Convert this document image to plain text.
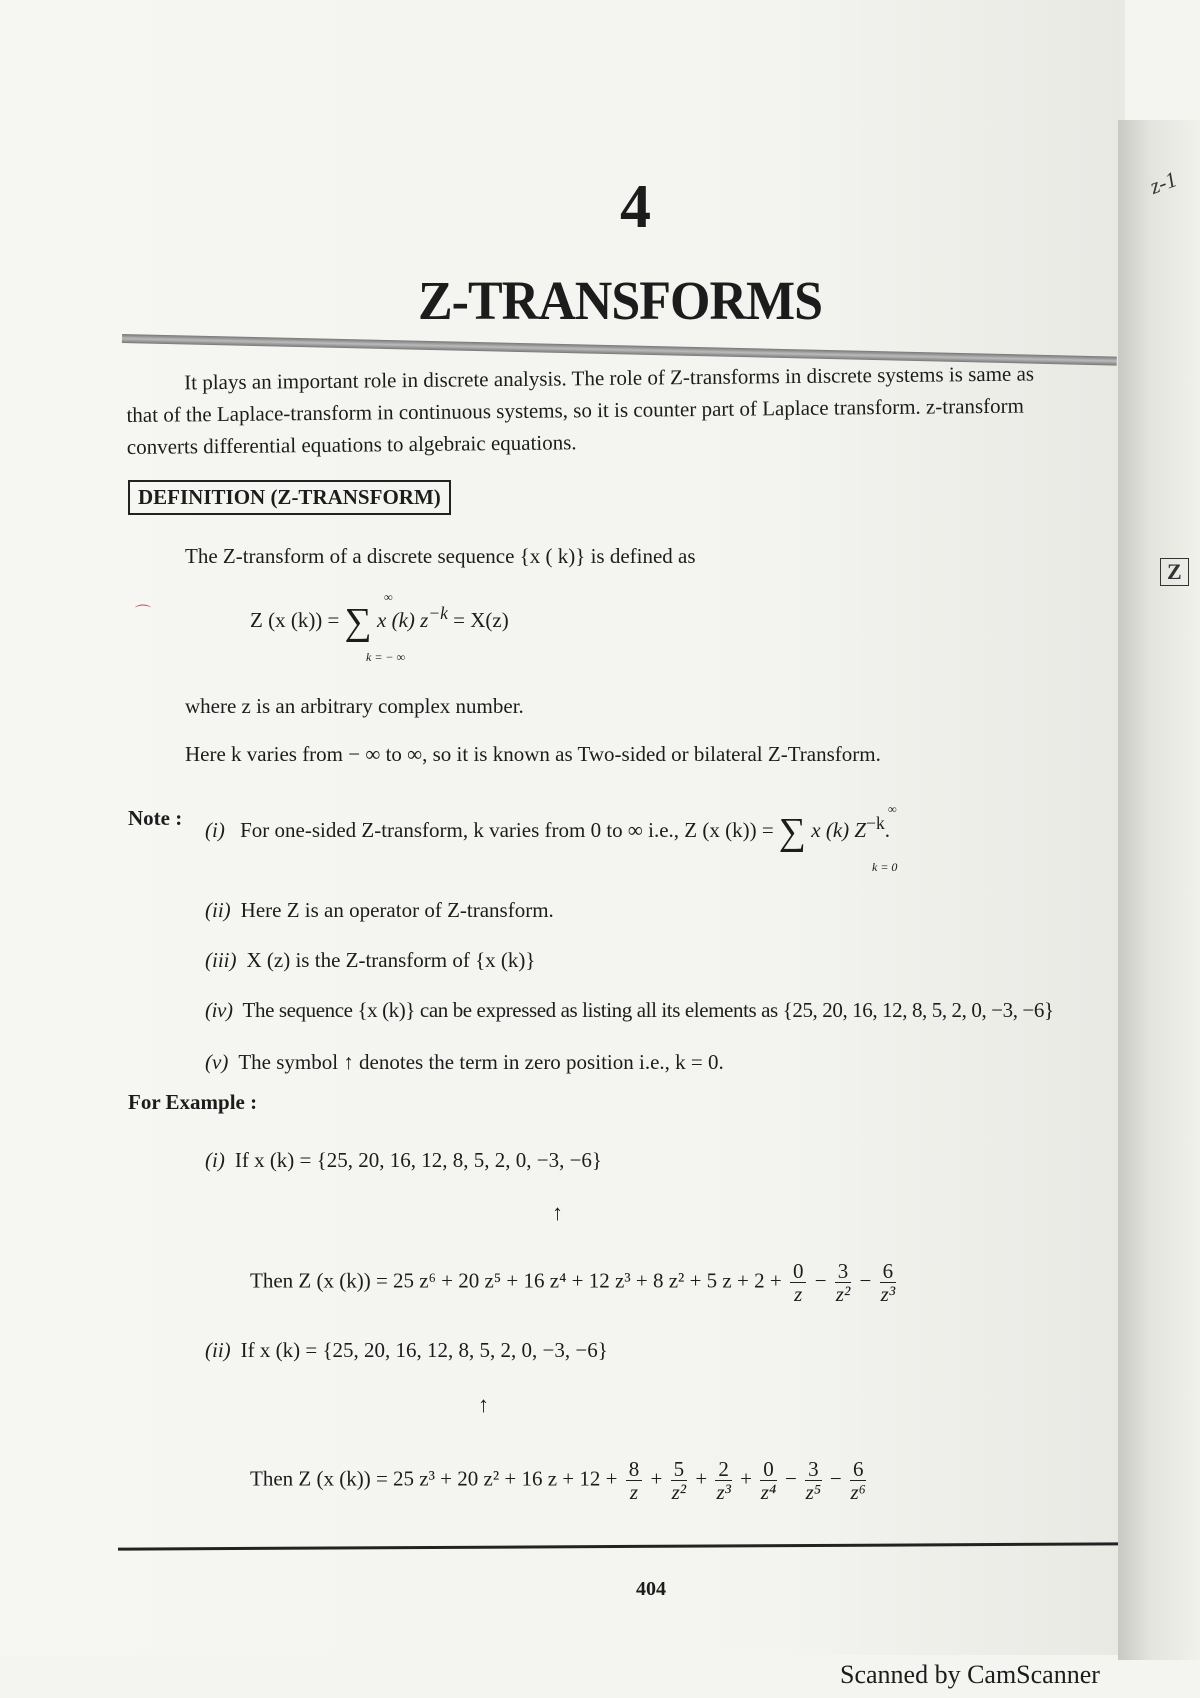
z-1
Z
4
Z-TRANSFORMS
It plays an important role in discrete analysis. The role of Z-transforms in discrete systems is same as
that of the Laplace-transform in continuous systems, so it is counter part of Laplace transform. z-transform
converts differential equations to algebraic equations.
DEFINITION (Z-TRANSFORM)
The Z-transform of a discrete sequence {x ( k)} is defined as
Z (x (k)) = ∑ x (k) $z^{-k} = X(z)$
∞
k = − ∞
where z is an arbitrary complex number.
Here k varies from − ∞ to ∞, so it is known as Two-sided or bilateral Z-Transform.
Note : (i) For one-sided Z-transform, k varies from 0 to ∞ i.e., Z (x (k)) = ∑ x (k) $Z^{-k}$.
∞
k = 0
(ii) Here Z is an operator of Z-transform.
(iii) X (z) is the Z-transform of {x (k)}
(iv) The sequence {x (k)} can be expressed as listing all its elements as {25, 20, 16, 12, 8, 5, 2, 0, −3, −6}
(v) The symbol ↑ denotes the term in zero position i.e., k = 0.
For Example :
(i) If x (k) = {25, 20, 16, 12, 8, 5, 2, 0, −3, −6}
↑
Then Z (x (k)) = 25 z⁶ + 20 z⁵ + 16 z⁴ + 12 z³ + 8 z² + 5 $z + 2 + \frac{0}{z} - \frac{3}{\text{z²}} - \frac{6}{\text{z³}}$
(ii) If x (k) = {25, 20, 16, 12, 8, 5, 2, 0, −3, −6}
↑
Then Z (x (k)) = 25 z³ + 20 z² + 16 $z + 12 + \frac{8}{z} + \frac{5}{\text{z²}} + \frac{2}{\text{z³}} + \frac{0}{\text{z⁴}} - \frac{3}{\text{z⁵}} - \frac{6}{\text{z⁶}}$
404
Scanned by CamScanner
⌒
